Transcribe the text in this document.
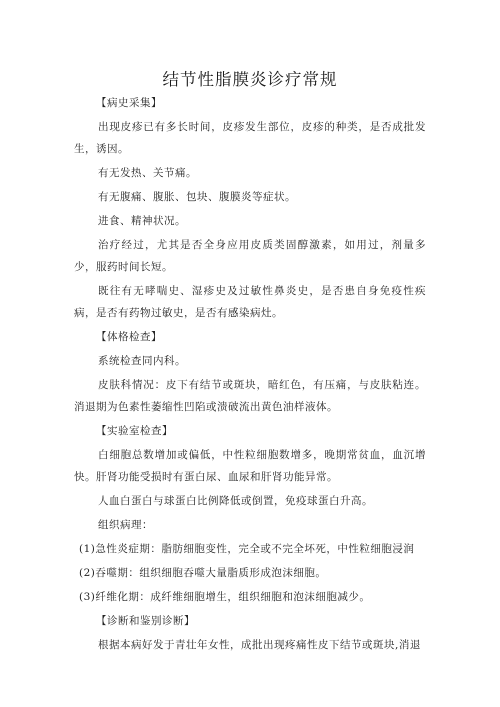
结节性脂膜炎诊疗常规
【病史采集】
出现皮疹已有多长时间，皮疹发生部位，皮疹的种类，是否成批发生，诱因。
有无发热、关节痛。
有无腹痛、腹胀、包块、腹膜炎等症状。
进食、精神状况。
治疗经过，尤其是否全身应用皮质类固醇激素，如用过，剂量多少，服药时间长短。
既往有无哮喘史、湿疹史及过敏性鼻炎史，是否患自身免疫性疾病，是否有药物过敏史，是否有感染病灶。
【体格检查】
系统检查同内科。
皮肤科情况：皮下有结节或斑块，暗红色，有压痛，与皮肤粘连。消退期为色素性萎缩性凹陷或溃破流出黄色油样液体。
【实验室检查】
白细胞总数增加或偏低，中性粒细胞数增多，晚期常贫血，血沉增快。肝肾功能受损时有蛋白尿、血尿和肝肾功能异常。
人血白蛋白与球蛋白比例降低或倒置，免疫球蛋白升高。
组织病理：
(1)急性炎症期：脂肪细胞变性，完全或不完全坏死，中性粒细胞浸润
(2)吞噬期：组织细胞吞噬大量脂质形成泡沫细胞。
(3)纤维化期：成纤维细胞增生，组织细胞和泡沫细胞减少。
【诊断和鉴别诊断】
根据本病好发于青壮年女性，成批出现疼痛性皮下结节或斑块,消退
